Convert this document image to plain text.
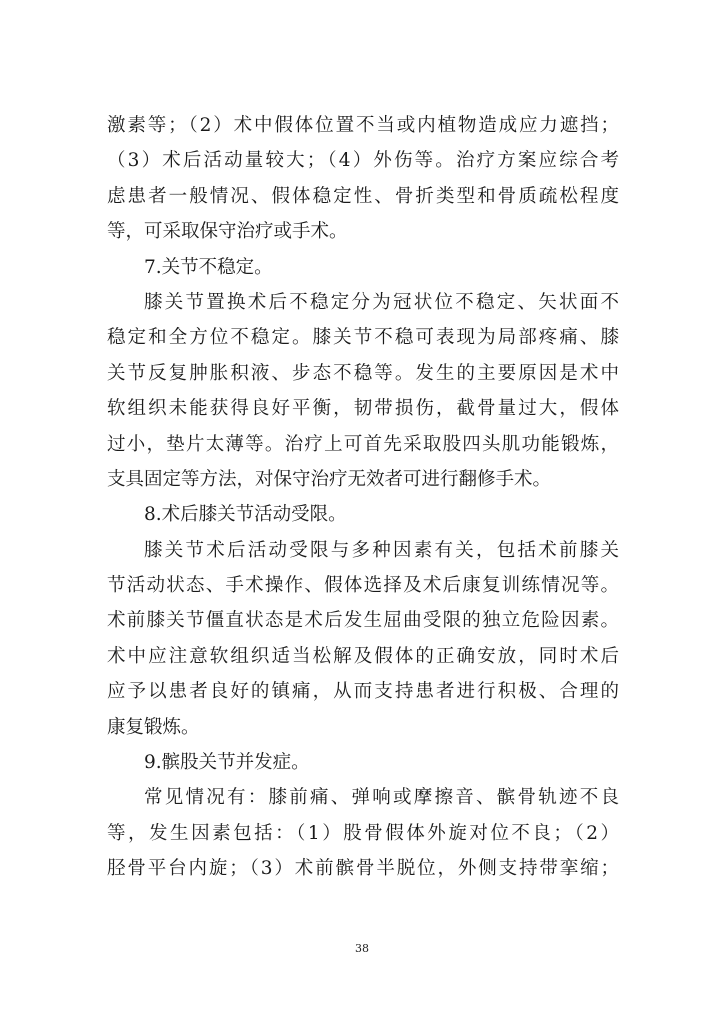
激素等；（2）术中假体位置不当或内植物造成应力遮挡；
（3）术后活动量较大；（4）外伤等。治疗方案应综合考
虑患者一般情况、假体稳定性、骨折类型和骨质疏松程度
等，可采取保守治疗或手术。
7.关节不稳定。
膝关节置换术后不稳定分为冠状位不稳定、矢状面不
稳定和全方位不稳定。膝关节不稳可表现为局部疼痛、膝
关节反复肿胀积液、步态不稳等。发生的主要原因是术中
软组织未能获得良好平衡，韧带损伤，截骨量过大，假体
过小，垫片太薄等。治疗上可首先采取股四头肌功能锻炼，
支具固定等方法，对保守治疗无效者可进行翻修手术。
8.术后膝关节活动受限。
膝关节术后活动受限与多种因素有关，包括术前膝关
节活动状态、手术操作、假体选择及术后康复训练情况等。
术前膝关节僵直状态是术后发生屈曲受限的独立危险因素。
术中应注意软组织适当松解及假体的正确安放，同时术后
应予以患者良好的镇痛，从而支持患者进行积极、合理的
康复锻炼。
9.髌股关节并发症。
常见情况有：膝前痛、弹响或摩擦音、髌骨轨迹不良
等，发生因素包括：（1）股骨假体外旋对位不良；（2）
胫骨平台内旋；（3）术前髌骨半脱位，外侧支持带挛缩；
38
